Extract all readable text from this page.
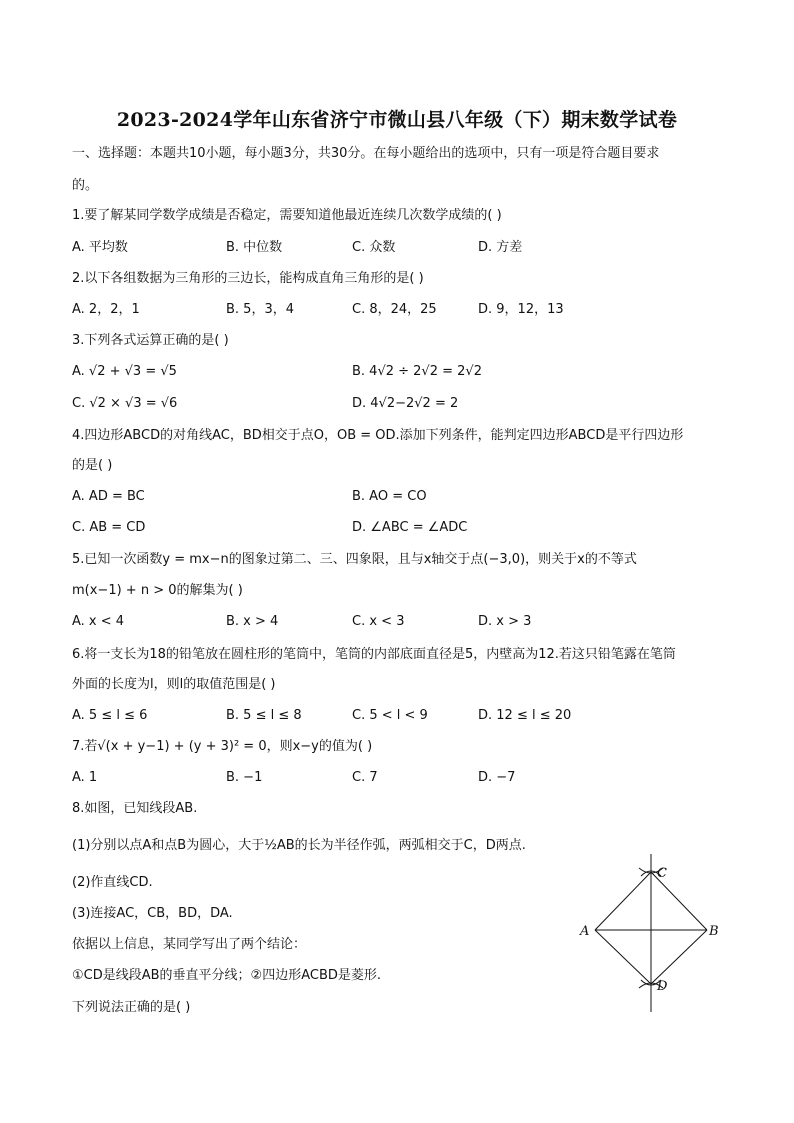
2023-2024学年山东省济宁市微山县八年级（下）期末数学试卷
一、选择题：本题共10小题，每小题3分，共30分。在每小题给出的选项中，只有一项是符合题目要求
的。
1.要了解某同学数学成绩是否稳定，需要知道他最近连续几次数学成绩的( )
A. 平均数	B. 中位数	C. 众数	D. 方差
2.以下各组数据为三角形的三边长，能构成直角三角形的是( )
A. 2，2，1	B. 5，3，4	C. 8，24，25	D. 9，12，13
3.下列各式运算正确的是( )
A. √2 + √3 = √5	B. 4√2 ÷ 2√2 = 2√2
C. √2 × √3 = √6	D. 4√2−2√2 = 2
4.四边形ABCD的对角线AC，BD相交于点O，OB = OD.添加下列条件，能判定四边形ABCD是平行四边形
的是( )
A. AD = BC	B. AO = CO
C. AB = CD	D. ∠ABC = ∠ADC
5.已知一次函数y = mx−n的图象过第二、三、四象限，且与x轴交于点(−3,0)，则关于x的不等式
m(x−1) + n > 0的解集为( )
A. x < 4	B. x > 4	C. x < 3	D. x > 3
6.将一支长为18的铅笔放在圆柱形的笔筒中，笔筒的内部底面直径是5，内壁高为12.若这只铅笔露在笔筒
外面的长度为l，则l的取值范围是( )
A. 5 ≤ l ≤ 6	B. 5 ≤ l ≤ 8	C. 5 < l < 9	D. 12 ≤ l ≤ 20
7.若√(x + y−1) + (y + 3)² = 0，则x−y的值为( )
A. 1	B. −1	C. 7	D. −7
8.如图，已知线段AB.
(1)分别以点A和点B为圆心，大于½AB的长为半径作弧，两弧相交于C，D两点.
(2)作直线CD.
(3)连接AC，CB，BD，DA.
依据以上信息，某同学写出了两个结论：
①CD是线段AB的垂直平分线；②四边形ACBD是菱形.
下列说法正确的是( )
C
A	B
D
